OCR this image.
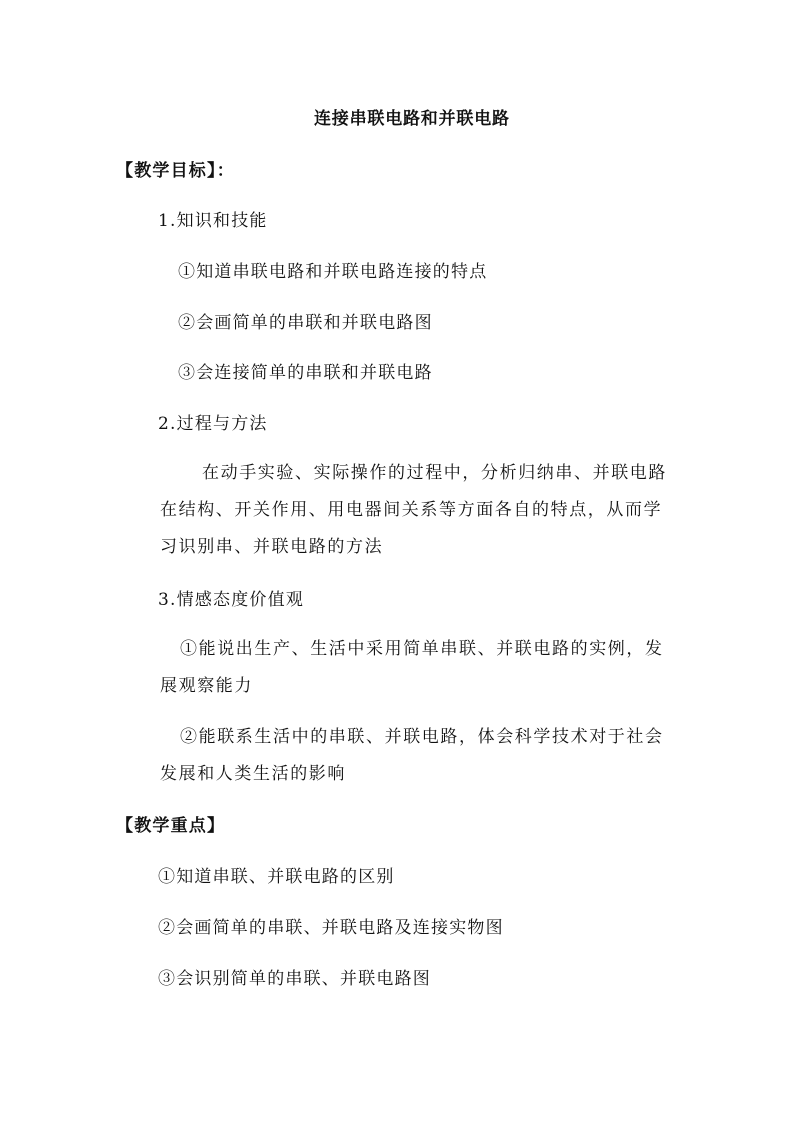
连接串联电路和并联电路
【教学目标】：
1.知识和技能
①知道串联电路和并联电路连接的特点
②会画简单的串联和并联电路图
③会连接简单的串联和并联电路
2.过程与方法
在动手实验、实际操作的过程中，分析归纳串、并联电路在结构、开关作用、用电器间关系等方面各自的特点，从而学习识别串、并联电路的方法
3.情感态度价值观
①能说出生产、生活中采用简单串联、并联电路的实例，发展观察能力
②能联系生活中的串联、并联电路，体会科学技术对于社会发展和人类生活的影响
【教学重点】
①知道串联、并联电路的区别
②会画简单的串联、并联电路及连接实物图
③会识别简单的串联、并联电路图
